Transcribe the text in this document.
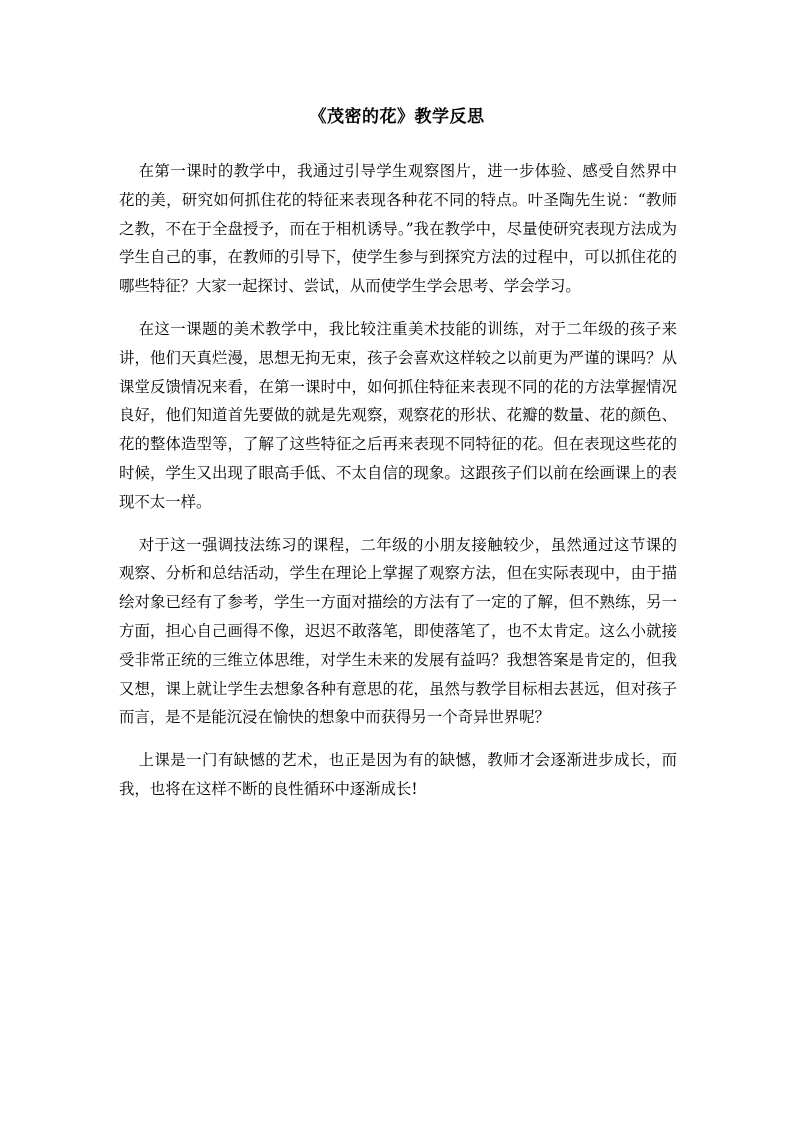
《茂密的花》教学反思

在第一课时的教学中，我通过引导学生观察图片，进一步体验、感受自然界中花的美，研究如何抓住花的特征来表现各种花不同的特点。叶圣陶先生说：“教师之教，不在于全盘授予，而在于相机诱导。”我在教学中，尽量使研究表现方法成为学生自己的事，在教师的引导下，使学生参与到探究方法的过程中，可以抓住花的哪些特征？大家一起探讨、尝试，从而使学生学会思考、学会学习。

在这一课题的美术教学中，我比较注重美术技能的训练，对于二年级的孩子来讲，他们天真烂漫，思想无拘无束，孩子会喜欢这样较之以前更为严谨的课吗？从课堂反馈情况来看，在第一课时中，如何抓住特征来表现不同的花的方法掌握情况良好，他们知道首先要做的就是先观察，观察花的形状、花瓣的数量、花的颜色、花的整体造型等，了解了这些特征之后再来表现不同特征的花。但在表现这些花的时候，学生又出现了眼高手低、不太自信的现象。这跟孩子们以前在绘画课上的表现不太一样。

对于这一强调技法练习的课程，二年级的小朋友接触较少，虽然通过这节课的观察、分析和总结活动，学生在理论上掌握了观察方法，但在实际表现中，由于描绘对象已经有了参考，学生一方面对描绘的方法有了一定的了解，但不熟练，另一方面，担心自己画得不像，迟迟不敢落笔，即使落笔了，也不太肯定。这么小就接受非常正统的三维立体思维，对学生未来的发展有益吗？我想答案是肯定的，但我又想，课上就让学生去想象各种有意思的花，虽然与教学目标相去甚远，但对孩子而言，是不是能沉浸在愉快的想象中而获得另一个奇异世界呢？

上课是一门有缺憾的艺术，也正是因为有的缺憾，教师才会逐渐进步成长，而我，也将在这样不断的良性循环中逐渐成长!
